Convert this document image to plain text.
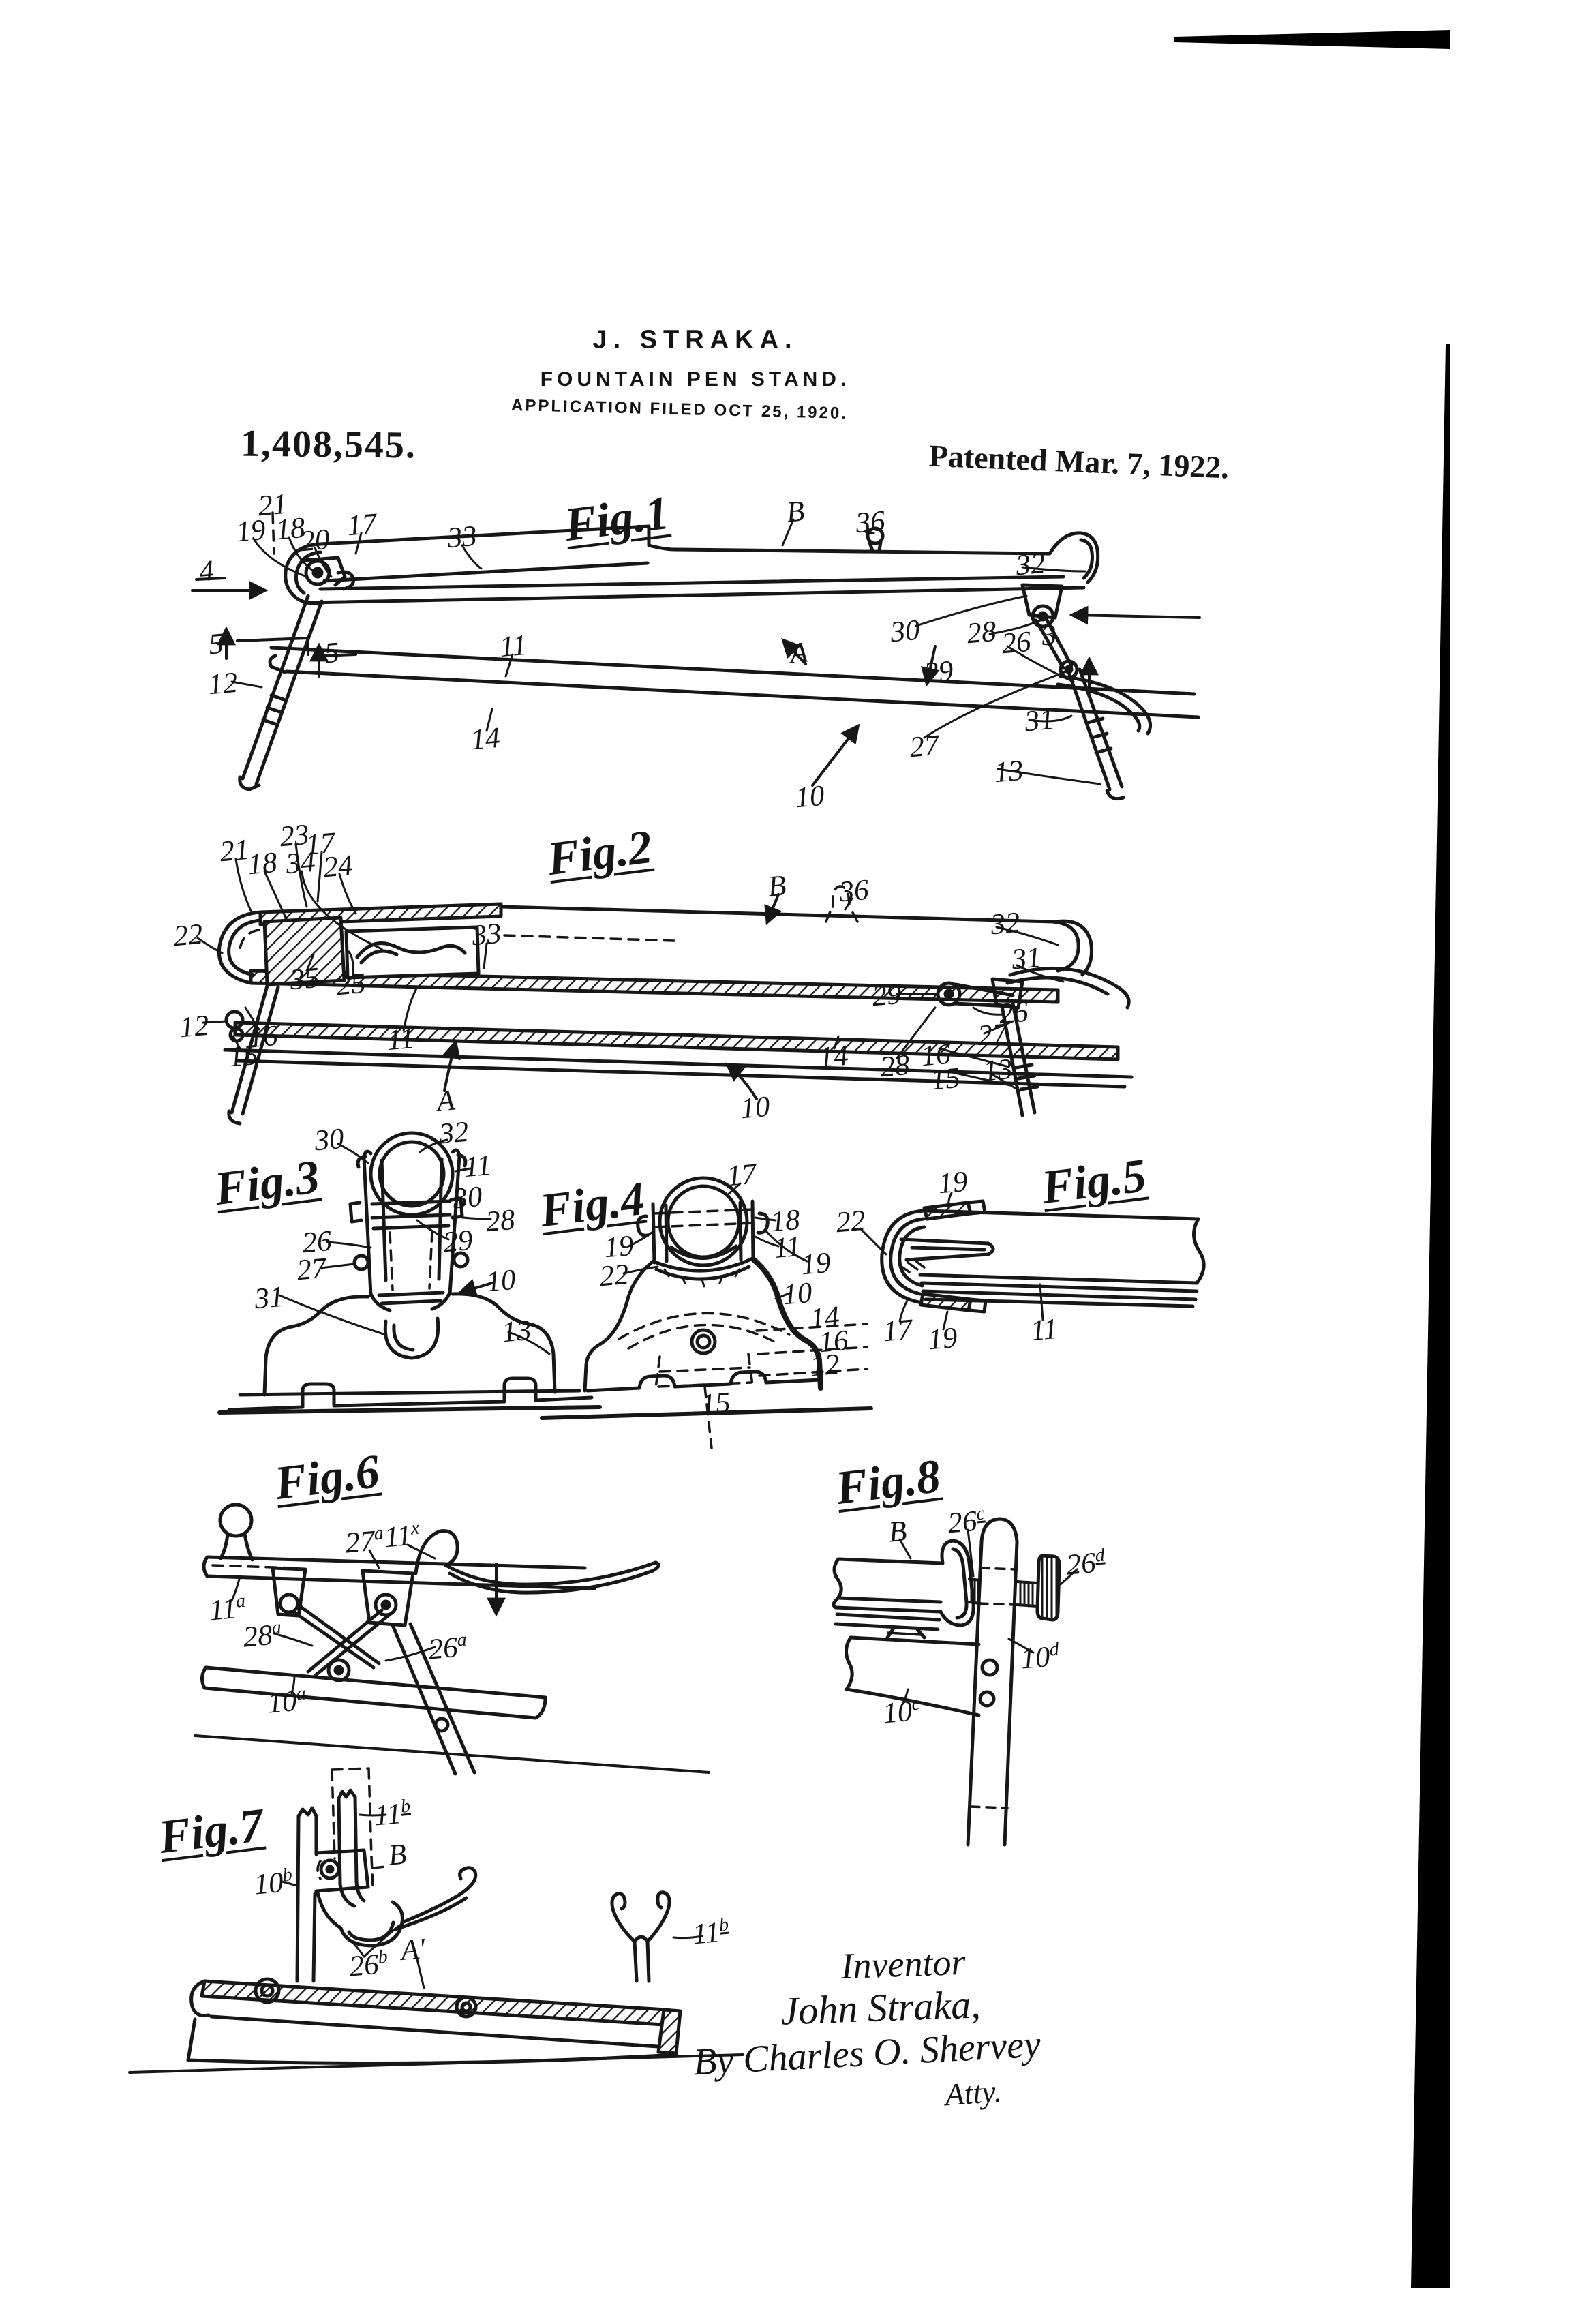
J. STRAKA.
FOUNTAIN PEN STAND.
APPLICATION FILED OCT 25, 1920.
1,408,545.	Patented Mar. 7, 1922.
Inventor
John Straka,
By Charles O. Shervey
Atty.
Fig.1
4
21
19 18
20 17 33
B 36
32
3
30 28 26
29
A
27
31
5	5
12
11
14
13
10
Fig.2
21
18
23
34
17
24
22
35 25
12 16
15	11
33
A
B 36
32
31
29
26
27
14 28 16
15 13
10
Fig.3
30	32
11
30
28
29
26
27
31	10
13
Fig.4	17
18
19	11
19
22
10
14
16
12
15
Fig.5
19
22
17 19 11
Fig.6
27$^a$
11$^x$
11$^a$
28$^a$
26$^a$
10$^a$
Fig.8
B 26$^c$
26$^d$
10$^d$
10$^c$
Fig.7	11$^b$
B
10$^b$
26$^b$ A'	11$^b$
